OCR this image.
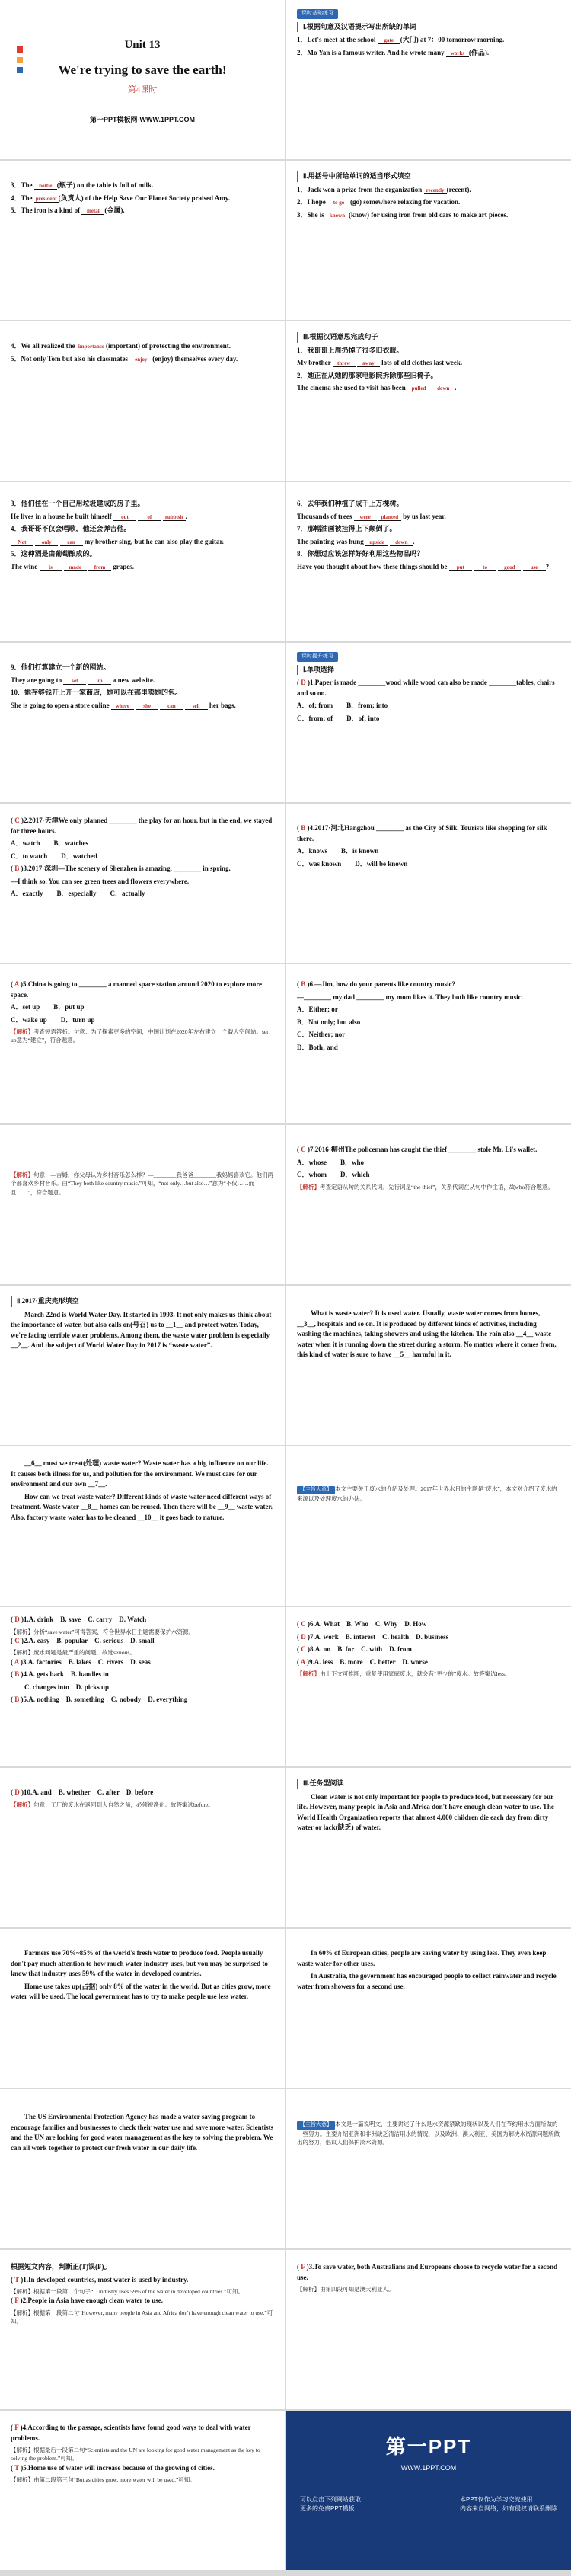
Unit 13
We're trying to save the earth!
第4课时
第一PPT模板网-WWW.1PPT.COM
课时基础练习
Ⅰ.根据句意及汉语提示写出所缺的单词
1．Let's meet at the school gate (大门) at 7：00 tomorrow morning.
2．Mo Yan is a famous writer. And he wrote many works (作品).
3．The bottle (瓶子) on the table is full of milk.
4．The president (负责人) of the Help Save Our Planet Society praised Amy.
5．The iron is a kind of metal (金属).
Ⅱ.用括号中所给单词的适当形式填空
1．Jack won a prize from the organization recently (recent).
2．I hope to go (go) somewhere relaxing for vacation.
3．She is known (know) for using iron from old cars to make art pieces.
4．We all realized the importance (important) of protecting the environment.
5．Not only Tom but also his classmates enjoy (enjoy) themselves every day.
Ⅲ.根据汉语意思完成句子
1．我哥哥上周扔掉了很多旧衣服。
My brother threw away lots of old clothes last week.
2．她正在从她的那家电影院拆除那些旧椅子。
The cinema she used to visit has been pulled down .
3．他们住在一个自己用垃圾建成的房子里。
He lives in a house he built himself out	of	rubbish .
4．我哥哥不仅会唱歌，他还会弹吉他。
Not	only	can my brother sing, but he can also play the guitar.
5．这种酒是由葡萄酿成的。
The wine is	made from grapes.
6．去年我们种植了成千上万棵树。
Thousands of trees were planted by us last year.
7．那幅油画被挂得上下颠倒了。
The painting was hung upside down .
8．你想过应该怎样好好利用这些物品吗？
Have you thought about how these things should be put	to	good	use ?
9．他们打算建立一个新的网站。
They are going to set	up a new website.
10．她存够钱开上开一家商店，她可以在那里卖她的包。
She is going to open a store online where	she	can	sell her bags.
课时提升练习
Ⅰ.单项选择
( D )1.Paper is made ________wood while wood can also be made ________tables, chairs and so on.
A．of; from B．from; into
C．from; of D．of; into
( C )2.2017·天津We only planned ________ the play for an hour, but in the end, we stayed for three hours.
A．watch B．watches
C．to watch D．watched
( B )3.2017·深圳—The scenery of Shenzhen is amazing, ________ in spring.
—I think so. You can see green trees and flowers everywhere.
A．exactly B．especially C．actually
( B )4.2017·河北Hangzhou ________ as the City of Silk. Tourists like shopping for silk there.
A．knows B．is known
C．was known D．will be known
( A )5.China is going to ________ a manned space station around 2020 to explore more space.
A．set up B．put up
C．wake up D．turn up
【解析】考查短语辨析。句意：为了探索更多的空间，中国计划在2020年左右建立一个载人空间站。set up意为“建立”，符合题意。
( B )6.—Jim, how do your parents like country music?
—________ my dad ________ my mom likes it. They both like country music.
A．Either; or
B．Not only; but also
C．Neither; nor
D．Both; and
【解析】句意：—吉姆，你父母认为乡村音乐怎么样？—________我爸爸________我妈妈喜欢它。他们两个都喜欢乡村音乐。由“They both like country music.”可知，“not only…but also…”意为“不仅……而且……”，符合题意。
( C )7.2016·柳州The policeman has caught the thief ________ stole Mr. Li's wallet.
A．whose B．who
C．whom D．which
【解析】考查定语从句的关系代词。先行词是“the thief”，关系代词在从句中作主语，故who符合题意。
Ⅱ.2017·重庆完形填空
March 22nd is World Water Day. It started in 1993. It not only makes us think about the importance of water, but also calls on(号召) us to __1__ and protect water. Today, we're facing terrible water problems. Among them, the waste water problem is especially __2__. And the subject of World Water Day in 2017 is “waste water”.
What is waste water? It is used water. Usually, waste water comes from homes, __3__, hospitals and so on. It is produced by different kinds of activities, including washing the machines, taking showers and using the kitchen. The rain also __4__ waste water when it is running down the street during a storm. No matter where it comes from, this kind of water is sure to have __5__ harmful in it.
__6__ must we treat(处理) waste water? Waste water has a big influence on our life. It causes both illness for us, and pollution for the environment. We must care for our environment and our own __7__.
How can we treat waste water? Different kinds of waste water need different ways of treatment. Waste water __8__ homes can be reused. Then there will be __9__ waste water. Also, factory waste water has to be cleaned __10__ it goes back to nature.
【主旨大意】 本文主要关于废水的介绍及处理。2017年世界水日的主题是“废水”，本文对介绍了废水的来源以及处理废水的办法。
( D )1.A. drink　B. save　C. carry　D. Watch
【解析】分析“save water”可得答案，符合世界水日主题需要保护水资源。
( C )2.A. easy　B. popular　C. serious　D. small
【解析】废水问题是最严重的问题，故选serious。
( A )3.A. factories　B. lakes　C. rivers　D. seas
( B )4.A. gets back　B. handles in
C. changes into　D. picks up
( B )5.A. nothing　B. something　C. nobody　D. everything
( C )6.A. What　B. Who　C. Why　D. How
( D )7.A. work　B. interest　C. health　D. business
( C )8.A. on　B. for　C. with　D. from
( A )9.A. less　B. more　C. better　D. worse
【解析】由上下文可推断，重复使用家庭废水，就会有“更少的”废水。故答案选less。
( D )10.A. and　B. whether　C. after　D. before
【解析】句意：工厂的废水在返回到大自然之前，必须被净化。故答案选before。
Ⅲ.任务型阅读
Clean water is not only important for people to produce food, but necessary for our life. However, many people in Asia and Africa don't have enough clean water to use. The World Health Organization reports that almost 4,000 children die each day from dirty water or lack(缺乏) of water.
Farmers use 70%~85% of the world's fresh water to produce food. People usually don't pay much attention to how much water industry uses, but you may be surprised to know that industry uses 59% of the water in developed countries.
Home use takes up(占据) only 8% of the water in the world. But as cities grow, more water will be used. The local government has to try to make people use less water.
In 60% of European cities, people are saving water by using less. They even keep waste water for other uses.
In Australia, the government has encouraged people to collect rainwater and recycle water from showers for a second use.
The US Environmental Protection Agency has made a water saving program to encourage families and businesses to check their water use and save more water. Scientists and the UN are looking for good water management as the key to solving the problem. We can all work together to protect our fresh water in our daily life.
【主旨大意】 本文是一篇说明文，主要讲述了什么是水资源紧缺的现状以及人们在节约用水方面所做的一些努力。主要介绍亚洲和非洲缺乏清洁用水的情况，以及欧洲、澳大利亚、美国为解决水资源问题所做出的努力，倡议人们保护淡水资源。
根据短文内容，判断正(T)误(F)。
( T )1.In developed countries, most water is used by industry.
【解析】根据第一段第二个句子“…industry uses 59% of the water in developed countries.”可知。
( F )2.People in Asia have enough clean water to use.
【解析】根据第一段第二句“However, many people in Asia and Africa don't have enough clean water to use.”可知。
( F )3.To save water, both Australians and Europeans choose to recycle water for a second use.
【解析】由第四段可知是澳大利亚人。
( F )4.According to the passage, scientists have found good ways to deal with water problems.
【解析】根据最后一段第二句“Scientists and the UN are looking for good water management as the key to solving the problem.”可知。
( T )5.Home use of water will increase because of the growing of cities.
【解析】由第二段第三句“But as cities grow, more water will be used.”可知。
第一PPT
WWW.1PPT.COM
可以点击下列网站获取
更多的免费PPT模板
本PPT仅作为学习交流使用
内容来自网络，如有侵权请联系删除
